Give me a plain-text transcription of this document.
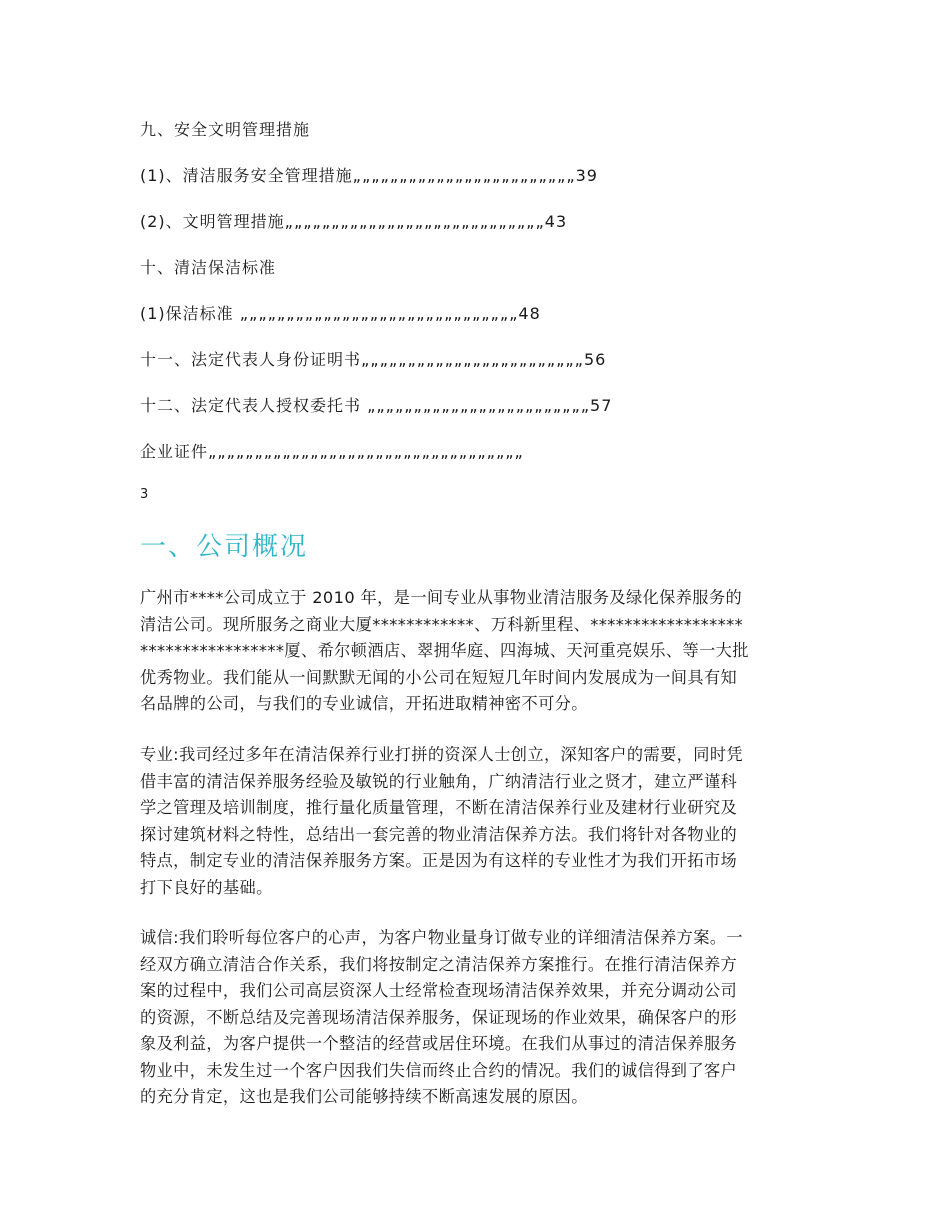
九、安全文明管理措施
(1)、清洁服务安全管理措施„„„„„„„„„„„„„„„„„„„„„„„„39
(2)、文明管理措施„„„„„„„„„„„„„„„„„„„„„„„„„„„„43
十、清洁保洁标准
(1)保洁标准 „„„„„„„„„„„„„„„„„„„„„„„„„„„„„„48
十一、法定代表人身份证明书„„„„„„„„„„„„„„„„„„„„„„„„56
十二、法定代表人授权委托书 „„„„„„„„„„„„„„„„„„„„„„„„57
企业证件„„„„„„„„„„„„„„„„„„„„„„„„„„„„„„„„„„
3
一、公司概况
广州市****公司成立于 2010 年，是一间专业从事物业清洁服务及绿化保养服务的
清洁公司。现所服务之商业大厦************、万科新里程、******************
*****************厦、希尔顿酒店、翠拥华庭、四海城、天河重亮娱乐、等一大批
优秀物业。我们能从一间默默无闻的小公司在短短几年时间内发展成为一间具有知
名品牌的公司，与我们的专业诚信，开拓进取精神密不可分。
专业:我司经过多年在清洁保养行业打拼的资深人士创立，深知客户的需要，同时凭
借丰富的清洁保养服务经验及敏锐的行业触角，广纳清洁行业之贤才，建立严谨科
学之管理及培训制度，推行量化质量管理，不断在清洁保养行业及建材行业研究及
探讨建筑材料之特性，总结出一套完善的物业清洁保养方法。我们将针对各物业的
特点，制定专业的清洁保养服务方案。正是因为有这样的专业性才为我们开拓市场
打下良好的基础。
诚信:我们聆听每位客户的心声，为客户物业量身订做专业的详细清洁保养方案。一
经双方确立清洁合作关系，我们将按制定之清洁保养方案推行。在推行清洁保养方
案的过程中，我们公司高层资深人士经常检查现场清洁保养效果，并充分调动公司
的资源，不断总结及完善现场清洁保养服务，保证现场的作业效果，确保客户的形
象及利益，为客户提供一个整洁的经营或居住环境。在我们从事过的清洁保养服务
物业中，未发生过一个客户因我们失信而终止合约的情况。我们的诚信得到了客户
的充分肯定，这也是我们公司能够持续不断高速发展的原因。
